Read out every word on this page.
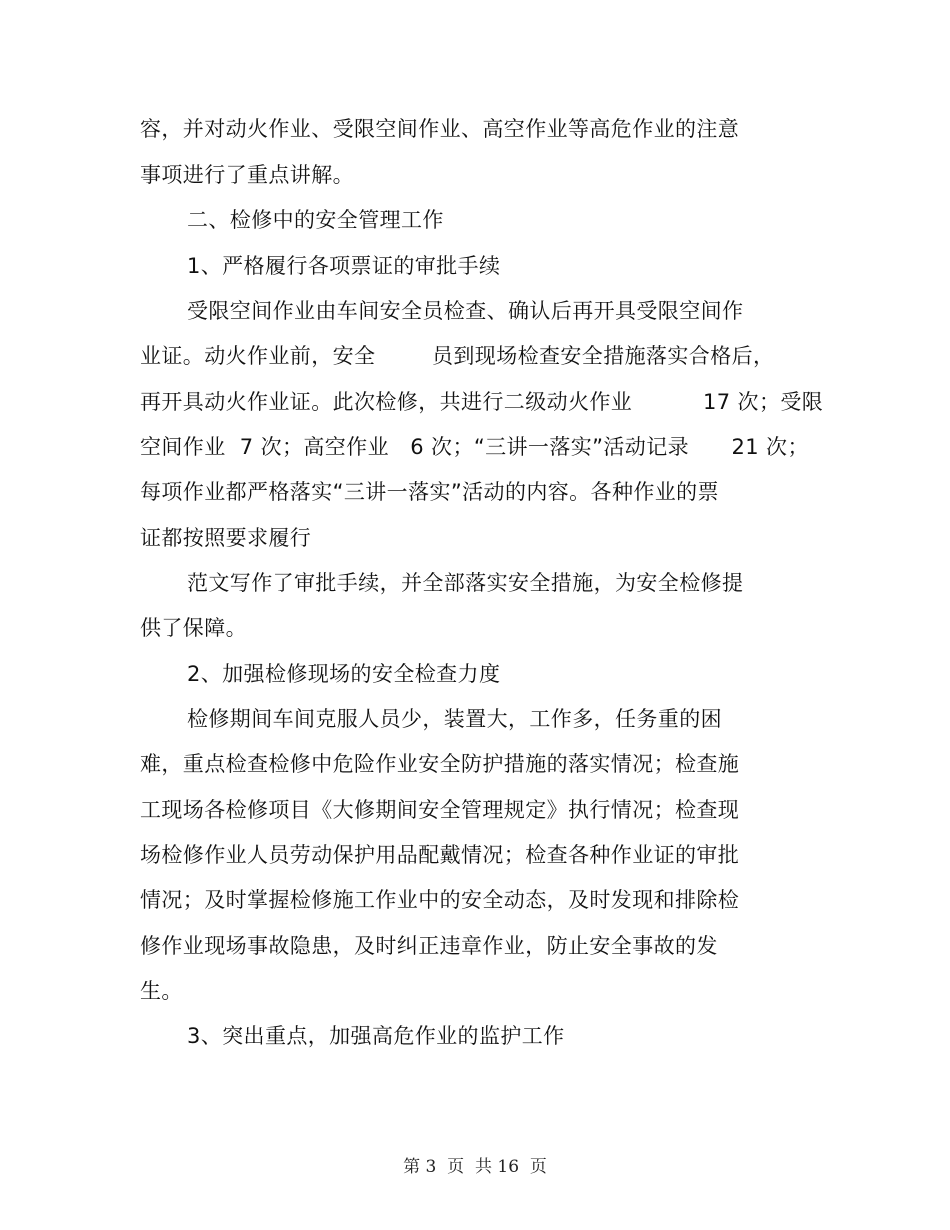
容，并对动火作业、受限空间作业、高空作业等高危作业的注意
事项进行了重点讲解。
二、检修中的安全管理工作
1、严格履行各项票证的审批手续
受限空间作业由车间安全员检查、确认后再开具受限空间作
业证。动火作业前，安全        员到现场检查安全措施落实合格后，
再开具动火作业证。此次检修，共进行二级动火作业          17 次；受限
空间作业  7 次；高空作业   6 次；“三讲一落实”活动记录      21 次；
每项作业都严格落实“三讲一落实”活动的内容。各种作业的票
证都按照要求履行
范文写作了审批手续，并全部落实安全措施，为安全检修提
供了保障。
2、加强检修现场的安全检查力度
检修期间车间克服人员少，装置大，工作多，任务重的困
难，重点检查检修中危险作业安全防护措施的落实情况；检查施
工现场各检修项目《大修期间安全管理规定》执行情况；检查现
场检修作业人员劳动保护用品配戴情况；检查各种作业证的审批
情况；及时掌握检修施工作业中的安全动态，及时发现和排除检
修作业现场事故隐患，及时纠正违章作业，防止安全事故的发
生。
3、突出重点，加强高危作业的监护工作
第 3  页  共 16  页
